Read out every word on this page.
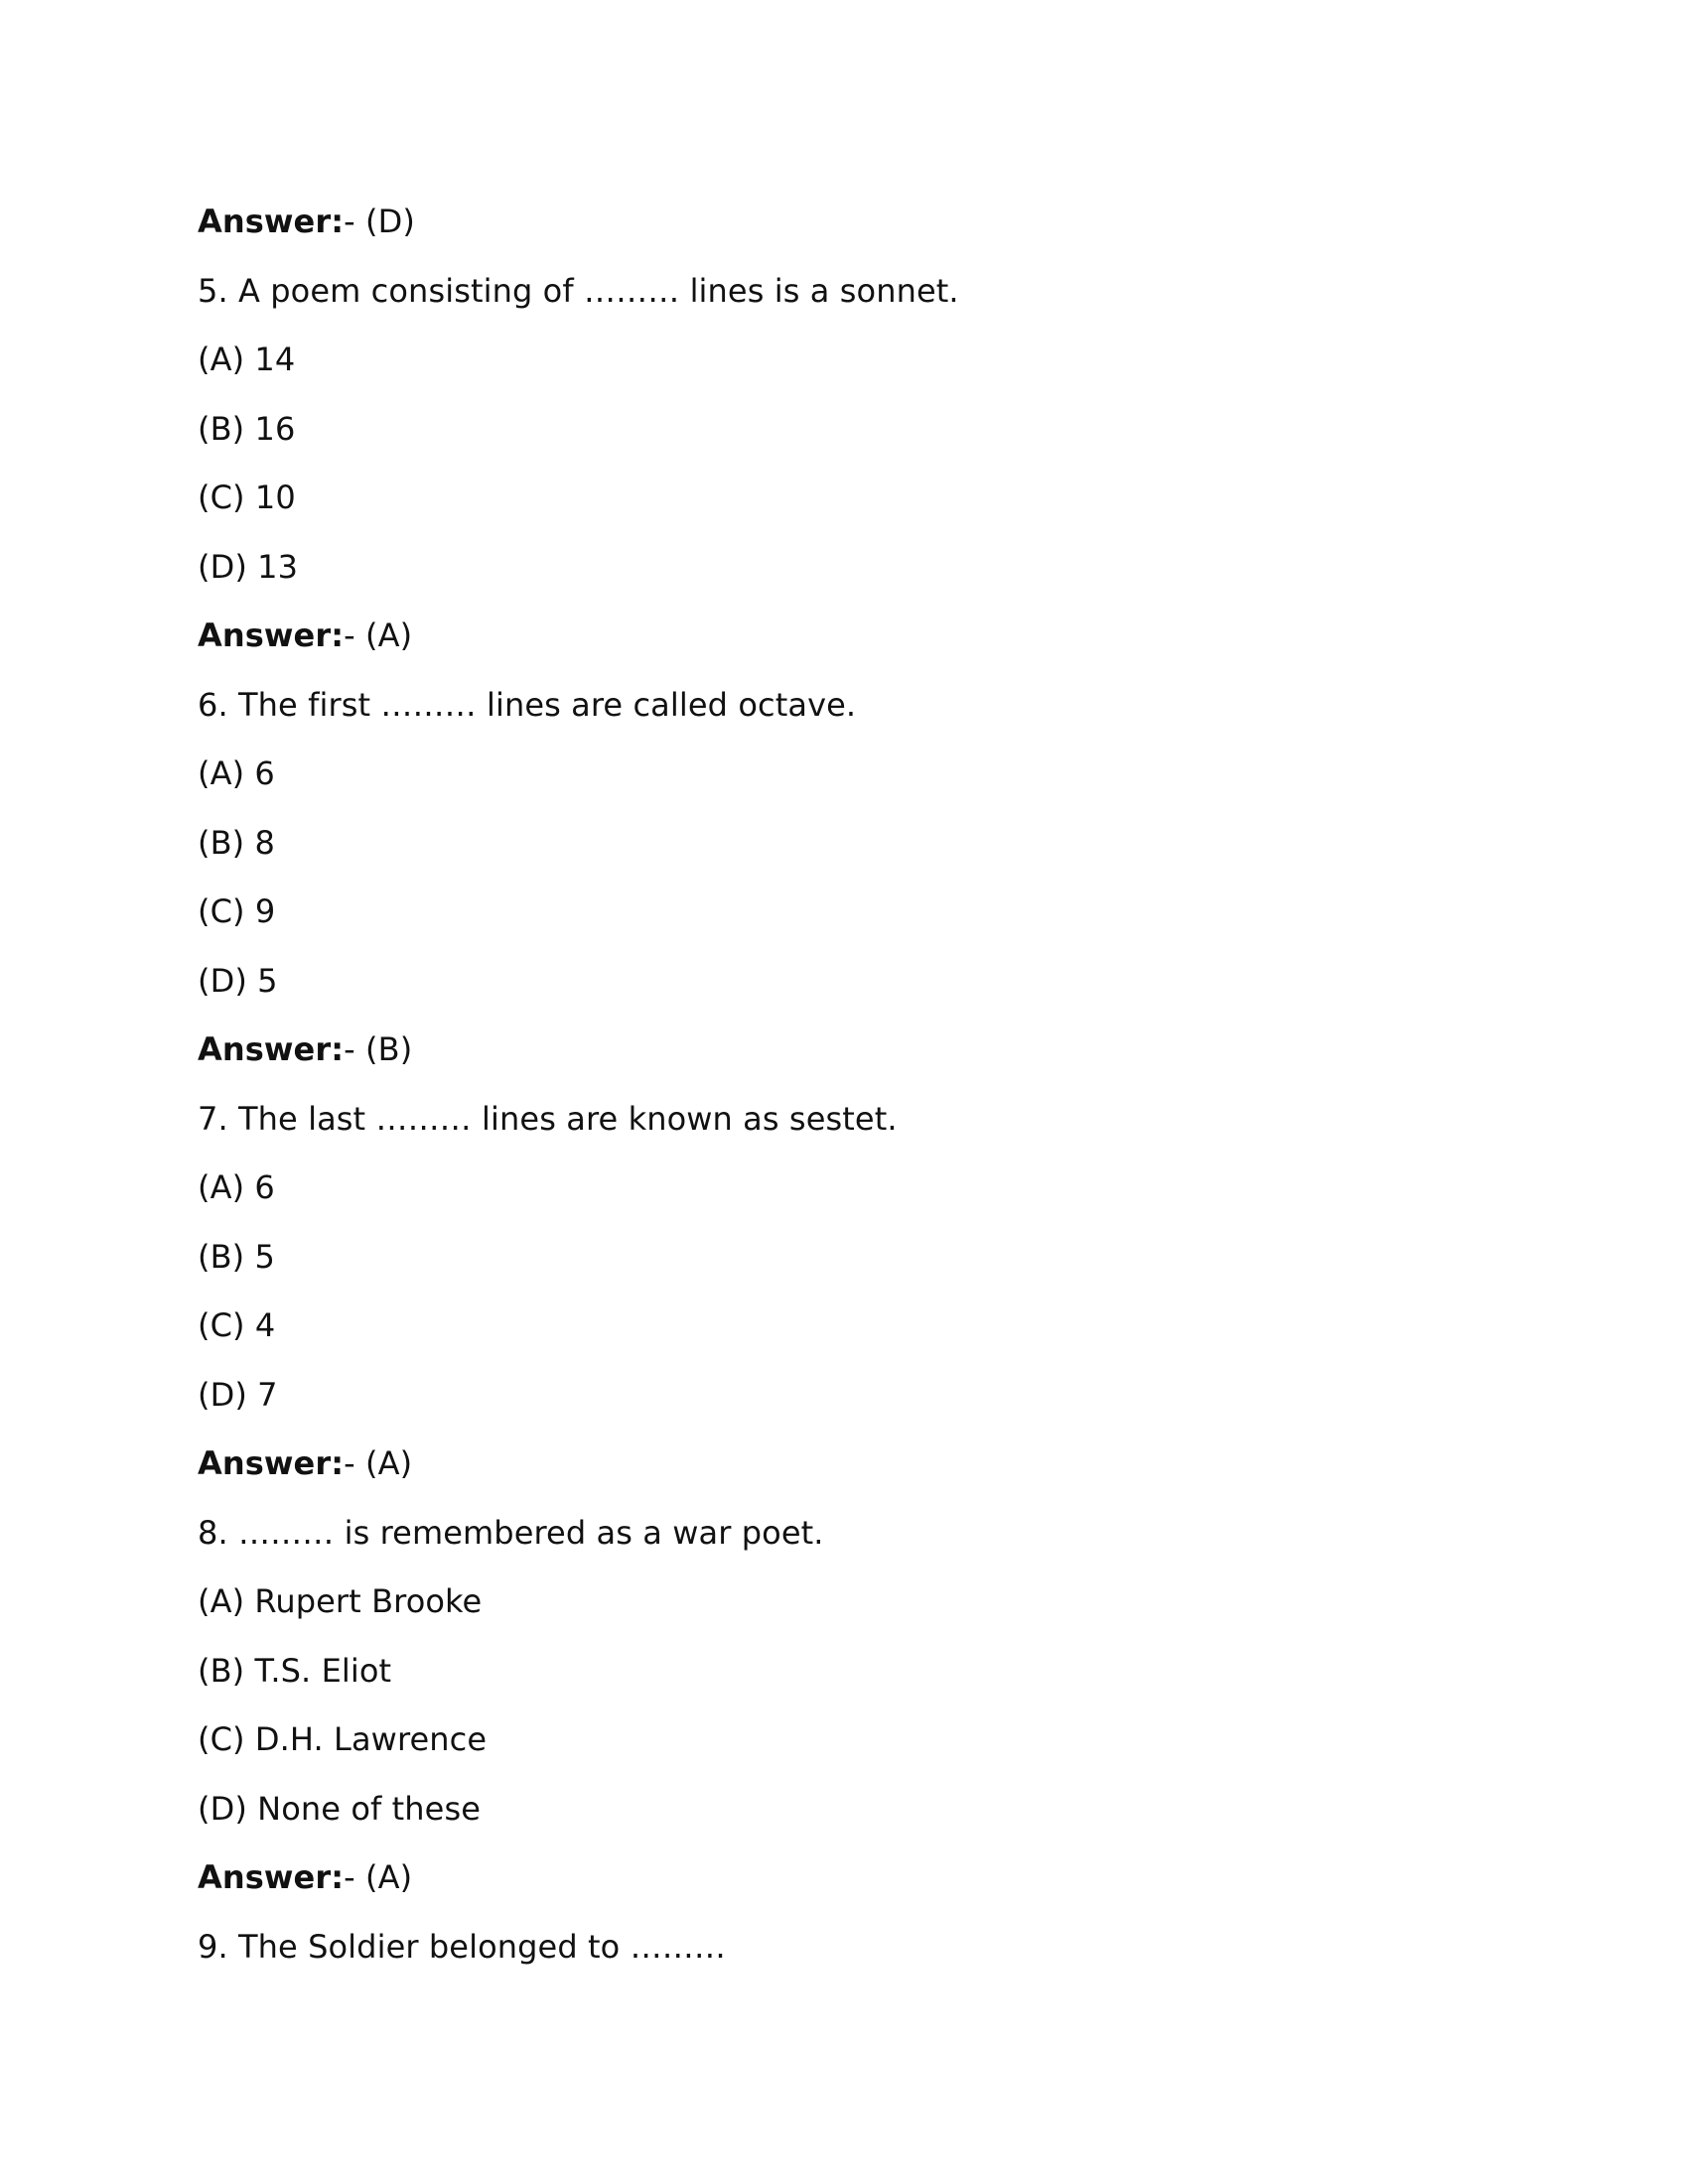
Answer:- (D)
5. A poem consisting of ……… lines is a sonnet.
(A) 14
(B) 16
(C) 10
(D) 13
Answer:- (A)
6. The first ……… lines are called octave.
(A) 6
(B) 8
(C) 9
(D) 5
Answer:- (B)
7. The last ……… lines are known as sestet.
(A) 6
(B) 5
(C) 4
(D) 7
Answer:- (A)
8. ……… is remembered as a war poet.
(A) Rupert Brooke
(B) T.S. Eliot
(C) D.H. Lawrence
(D) None of these
Answer:- (A)
9. The Soldier belonged to ………
